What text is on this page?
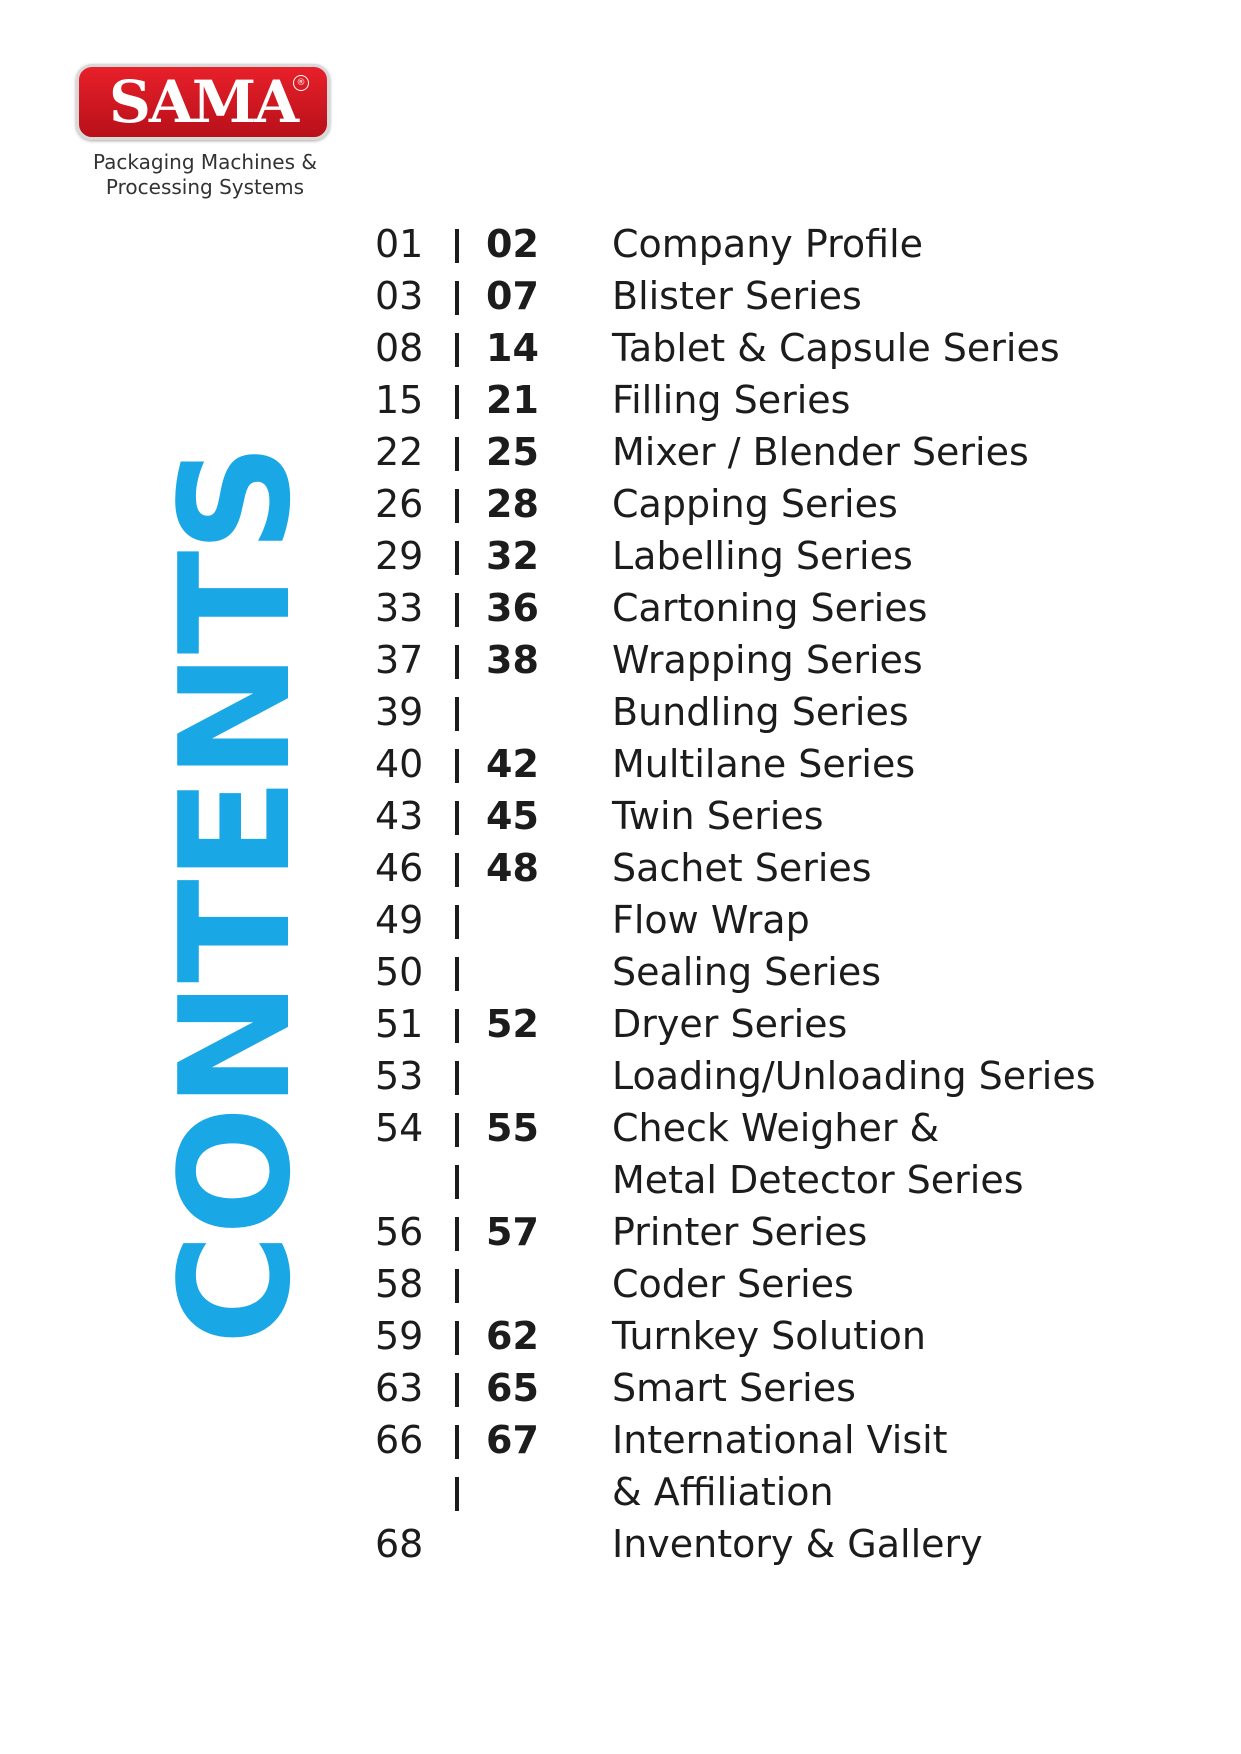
SAMA ®
Packaging Machines &
Processing Systems
CONTENTS
01	02 Company Profile
03	07 Blister Series
08	14 Tablet & Capsule Series
15	21 Filling Series
22	25 Mixer / Blender Series
26	28 Capping Series
29	32 Labelling Series
33	36 Cartoning Series
37	38 Wrapping Series
39	Bundling Series
40	42 Multilane Series
43	45 Twin Series
46	48 Sachet Series
49	Flow Wrap
50	Sealing Series
51	52 Dryer Series
53	Loading/Unloading Series
54	55 Check Weigher &
Metal Detector Series
56	57 Printer Series
58	Coder Series
59	62 Turnkey Solution
63	65 Smart Series
66	67 International Visit
& Affiliation
68	Inventory & Gallery
